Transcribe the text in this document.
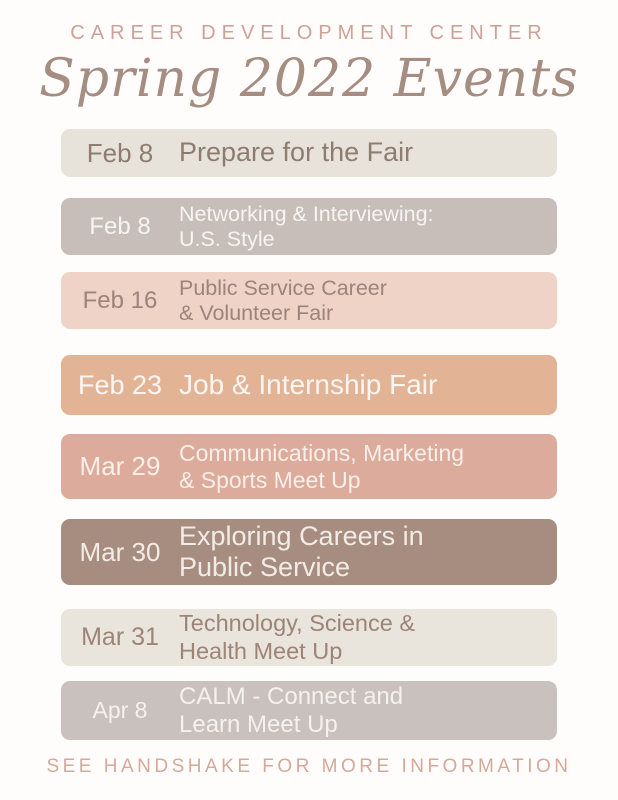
CAREER DEVELOPMENT CENTER
Spring 2022 Events
Feb 8 Prepare for the Fair
Feb 8	Networking & Interviewing:
U.S. Style
Feb 16	Public Service Career
& Volunteer Fair
Feb 23 Job & Internship Fair
Mar 29 Communications, Marketing
& Sports Meet Up
Mar 30
Exploring Careers in
Public Service
Mar 31 Technology, Science &
Health Meet Up
Apr 8
CALM - Connect and
Learn Meet Up
SEE HANDSHAKE FOR MORE INFORMATION
